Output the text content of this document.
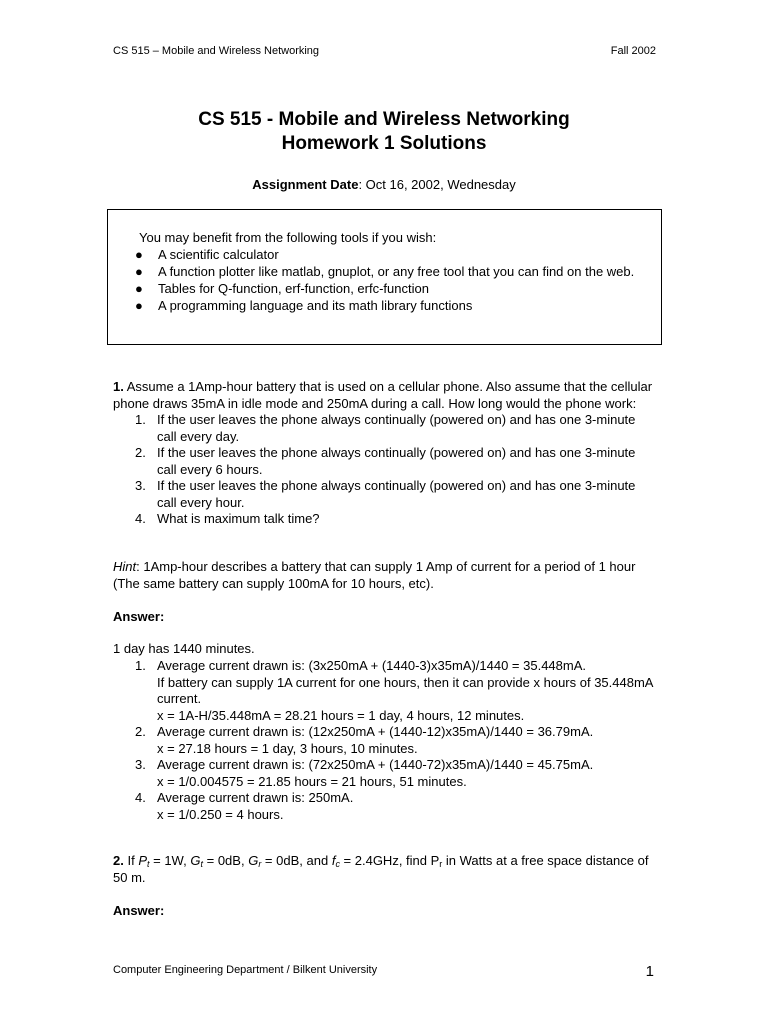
CS 515 – Mobile and Wireless Networking	Fall 2002
CS 515 - Mobile and Wireless Networking
Homework 1 Solutions
Assignment Date: Oct 16, 2002, Wednesday
You may benefit from the following tools if you wish:
● A scientific calculator
● A function plotter like matlab, gnuplot, or any free tool that you can find on the web.
● Tables for Q-function, erf-function, erfc-function
● A programming language and its math library functions
1. Assume a 1Amp-hour battery that is used on a cellular phone. Also assume that the cellular phone draws 35mA in idle mode and 250mA during a call. How long would the phone work:
1. If the user leaves the phone always continually (powered on) and has one 3-minute call every day.
2. If the user leaves the phone always continually (powered on) and has one 3-minute call every 6 hours.
3. If the user leaves the phone always continually (powered on) and has one 3-minute call every hour.
4. What is maximum talk time?
Hint: 1Amp-hour describes a battery that can supply 1 Amp of current for a period of 1 hour (The same battery can supply 100mA for 10 hours, etc).
Answer:
1 day has 1440 minutes.
1. Average current drawn is: (3x250mA + (1440-3)x35mA)/1440 = 35.448mA.
If battery can supply 1A current for one hours, then it can provide x hours of 35.448mA current.
x = 1A-H/35.448mA = 28.21 hours = 1 day, 4 hours, 12 minutes.
2. Average current drawn is: (12x250mA + (1440-12)x35mA)/1440 = 36.79mA.
x = 27.18 hours = 1 day, 3 hours, 10 minutes.
3. Average current drawn is: (72x250mA + (1440-72)x35mA)/1440 = 45.75mA.
x = 1/0.004575 = 21.85 hours = 21 hours, 51 minutes.
4. Average current drawn is: 250mA.
x = 1/0.250 = 4 hours.
2. If $P_t = 1W$, $G_t = 0dB$, $G_r = 0dB$, and $f_c = 2.4GHz$, find $P_r$ in Watts at a free space distance of 50 m.
Answer:
Computer Engineering Department / Bilkent University	1
